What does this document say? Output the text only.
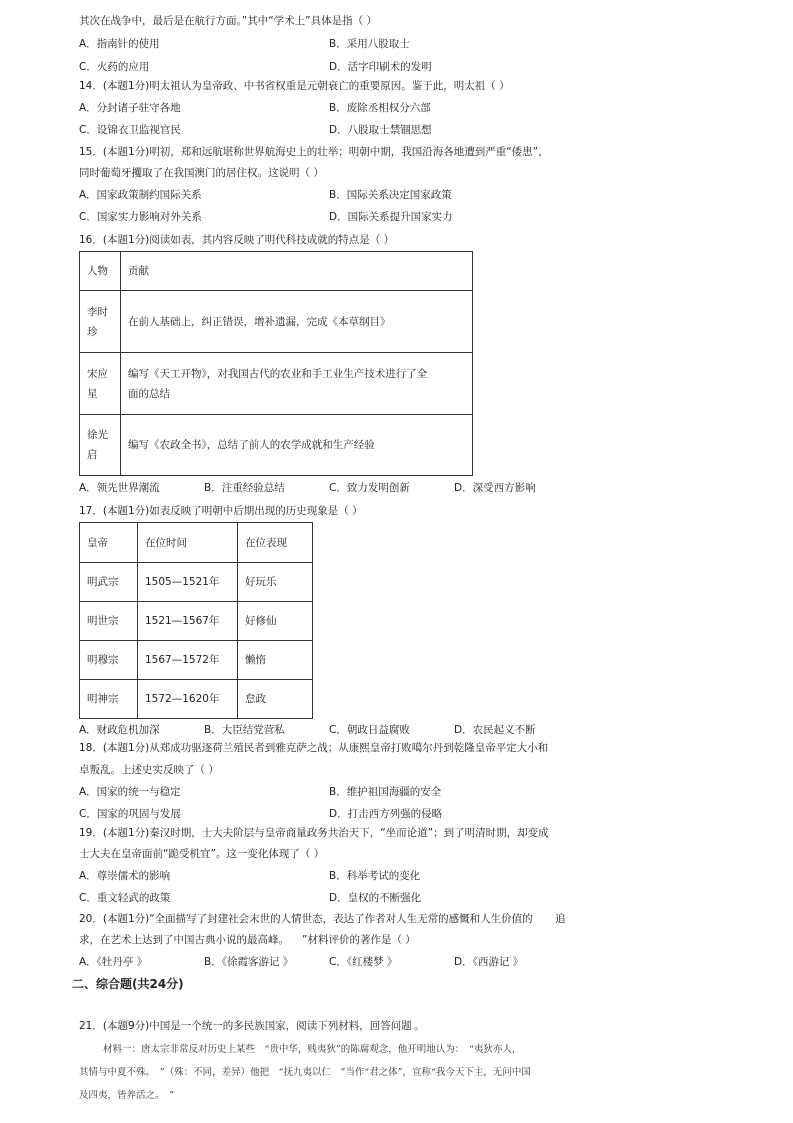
其次在战争中，最后是在航行方面。”其中“学术上”具体是指（ ）
A．指南针的使用	B．采用八股取士
C．火药的应用	D．活字印刷术的发明
14．(本题1分)明太祖认为皇帝政、中书省权重是元朝衰亡的重要原因。鉴于此，明太祖（ ）
A．分封诸子驻守各地	B．废除丞相权分六部
C．设锦衣卫监视官民	D．八股取士禁锢思想
15．(本题1分)明初，郑和远航堪称世界航海史上的壮举；明朝中期，我国沿海各地遭到严重“倭患”，
同时葡萄牙攫取了在我国澳门的居住权。这说明（ ）
A．国家政策制约国际关系	B．国际关系决定国家政策
C．国家实力影响对外关系	D．国际关系提升国家实力
16．(本题1分)阅读如表，其内容反映了明代科技成就的特点是（ ）
人物	贡献
李时
珍	在前人基础上，纠正错误，增补遗漏，完成《本草纲目》
宋应
星	编写《天工开物》，对我国古代的农业和手工业生产技术进行了全
面的总结
徐光
启	编写《农政全书》，总结了前人的农学成就和生产经验
A．领先世界潮流	B．注重经验总结	C．致力发明创新	D．深受西方影响
17．(本题1分)如表反映了明朝中后期出现的历史现象是（ ）
皇帝	在位时间	在位表现
明武宗	1505—1521年	好玩乐
明世宗	1521—1567年	好修仙
明穆宗	1567—1572年	懒惰
明神宗	1572—1620年	怠政
A．财政危机加深	B．大臣结党营私	C．朝政日益腐败	D．农民起义不断
18．(本题1分)从郑成功驱逐荷兰殖民者到雅克萨之战；从康熙皇帝打败噶尔丹到乾隆皇帝平定大小和
卓叛乱。上述史实反映了（ ）
A．国家的统一与稳定	B．维护祖国海疆的安全
C．国家的巩固与发展	D．打击西方列强的侵略
19．(本题1分)秦汉时期，士大夫阶层与皇帝商量政务共治天下，“坐而论道”；到了明清时期，却变成
士大夫在皇帝面前“跪受机宜”。这一变化体现了（ ）
A．尊崇儒术的影响	B．科举考试的变化
C．重文轻武的政策	D．皇权的不断强化
20．(本题1分)“全面描写了封建社会末世的人情世态，表达了作者对人生无常的感慨和人生价值的 追
求，在艺术上达到了中国古典小说的最高峰。 ”材料评价的著作是（ ）
A．《牡丹亭 》	B．《徐霞客游记 》	C．《红楼梦 》	D．《西游记 》
二、综合题(共24分)
21．(本题9分)中国是一个统一的多民族国家，阅读下列材料，回答问题 。
材料一：唐太宗非常反对历史上某些　“贵中华，贱夷狄”的陈腐观念，他开明地认为：　“夷狄亦人，
其情与中夏不殊。　”（殊：不同，差异）他把　“抚九夷以仁　”当作“君之体”，宣称“我今天下主，无问中国
及四夷，皆养活之。　”
